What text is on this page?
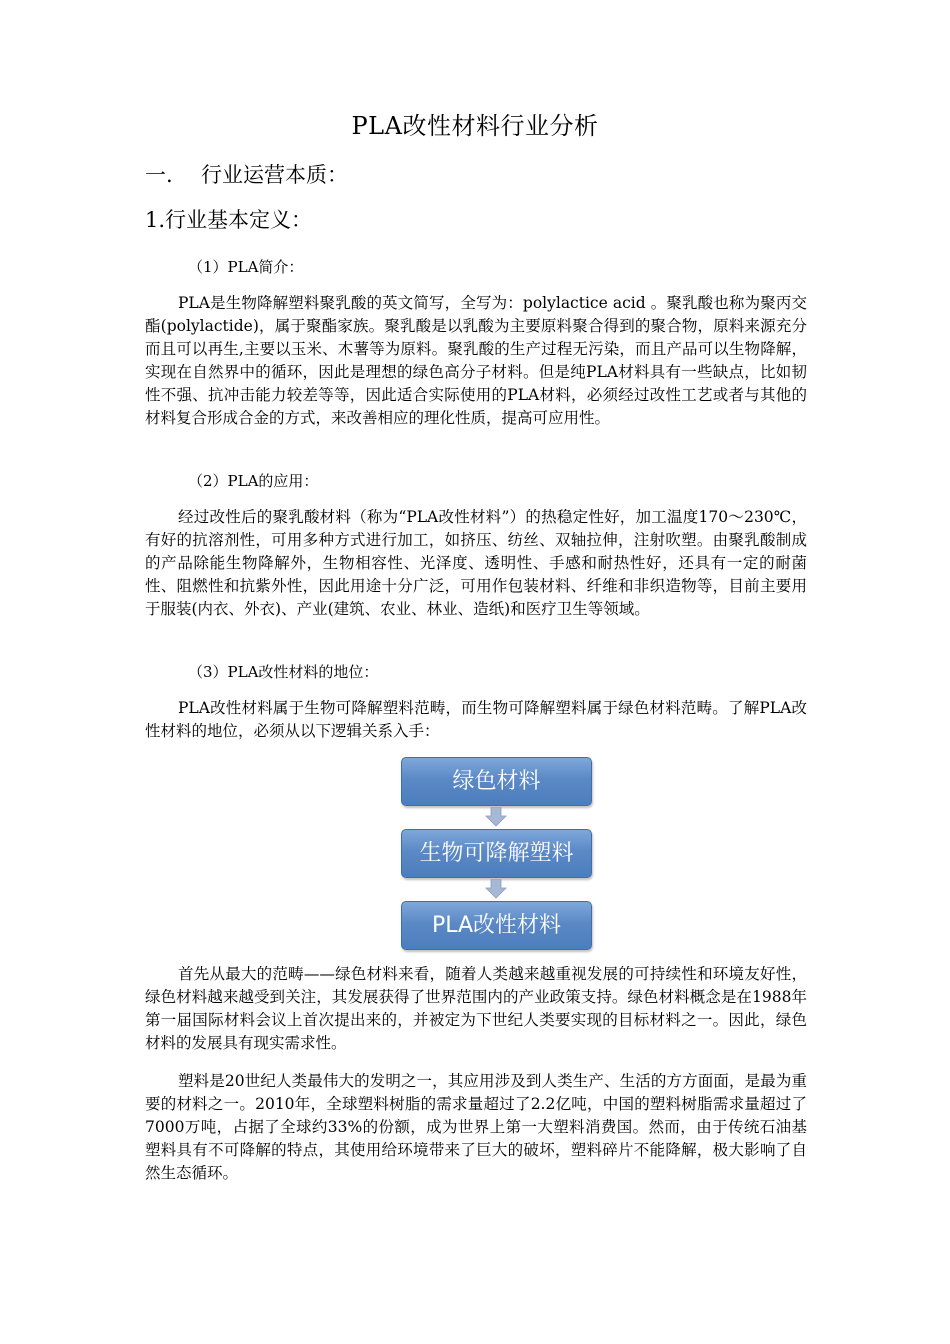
PLA改性材料行业分析
一. 行业运营本质：
1.行业基本定义：
（1）PLA简介：
PLA是生物降解塑料聚乳酸的英文简写，全写为：polylactice acid 。聚乳酸也称为聚丙交酯(polylactide)，属于聚酯家族。聚乳酸是以乳酸为主要原料聚合得到的聚合物，原料来源充分而且可以再生,主要以玉米、木薯等为原料。聚乳酸的生产过程无污染，而且产品可以生物降解，实现在自然界中的循环，因此是理想的绿色高分子材料。但是纯PLA材料具有一些缺点，比如韧性不强、抗冲击能力较差等等，因此适合实际使用的PLA材料，必须经过改性工艺或者与其他的材料复合形成合金的方式，来改善相应的理化性质，提高可应用性。
（2）PLA的应用：
经过改性后的聚乳酸材料（称为“PLA改性材料”）的热稳定性好，加工温度170～230℃，有好的抗溶剂性，可用多种方式进行加工，如挤压、纺丝、双轴拉伸，注射吹塑。由聚乳酸制成的产品除能生物降解外，生物相容性、光泽度、透明性、手感和耐热性好，还具有一定的耐菌性、阻燃性和抗紫外性，因此用途十分广泛，可用作包装材料、纤维和非织造物等，目前主要用于服装(内衣、外衣)、产业(建筑、农业、林业、造纸)和医疗卫生等领域。
（3）PLA改性材料的地位：
PLA改性材料属于生物可降解塑料范畴，而生物可降解塑料属于绿色材料范畴。了解PLA改性材料的地位，必须从以下逻辑关系入手：
绿色材料
生物可降解塑料
PLA改性材料
首先从最大的范畴——绿色材料来看，随着人类越来越重视发展的可持续性和环境友好性，绿色材料越来越受到关注，其发展获得了世界范围内的产业政策支持。绿色材料概念是在1988年第一届国际材料会议上首次提出来的，并被定为下世纪人类要实现的目标材料之一。因此，绿色材料的发展具有现实需求性。
塑料是20世纪人类最伟大的发明之一，其应用涉及到人类生产、生活的方方面面，是最为重要的材料之一。2010年，全球塑料树脂的需求量超过了2.2亿吨，中国的塑料树脂需求量超过了7000万吨，占据了全球约33%的份额，成为世界上第一大塑料消费国。然而，由于传统石油基塑料具有不可降解的特点，其使用给环境带来了巨大的破坏，塑料碎片不能降解，极大影响了自然生态循环。
